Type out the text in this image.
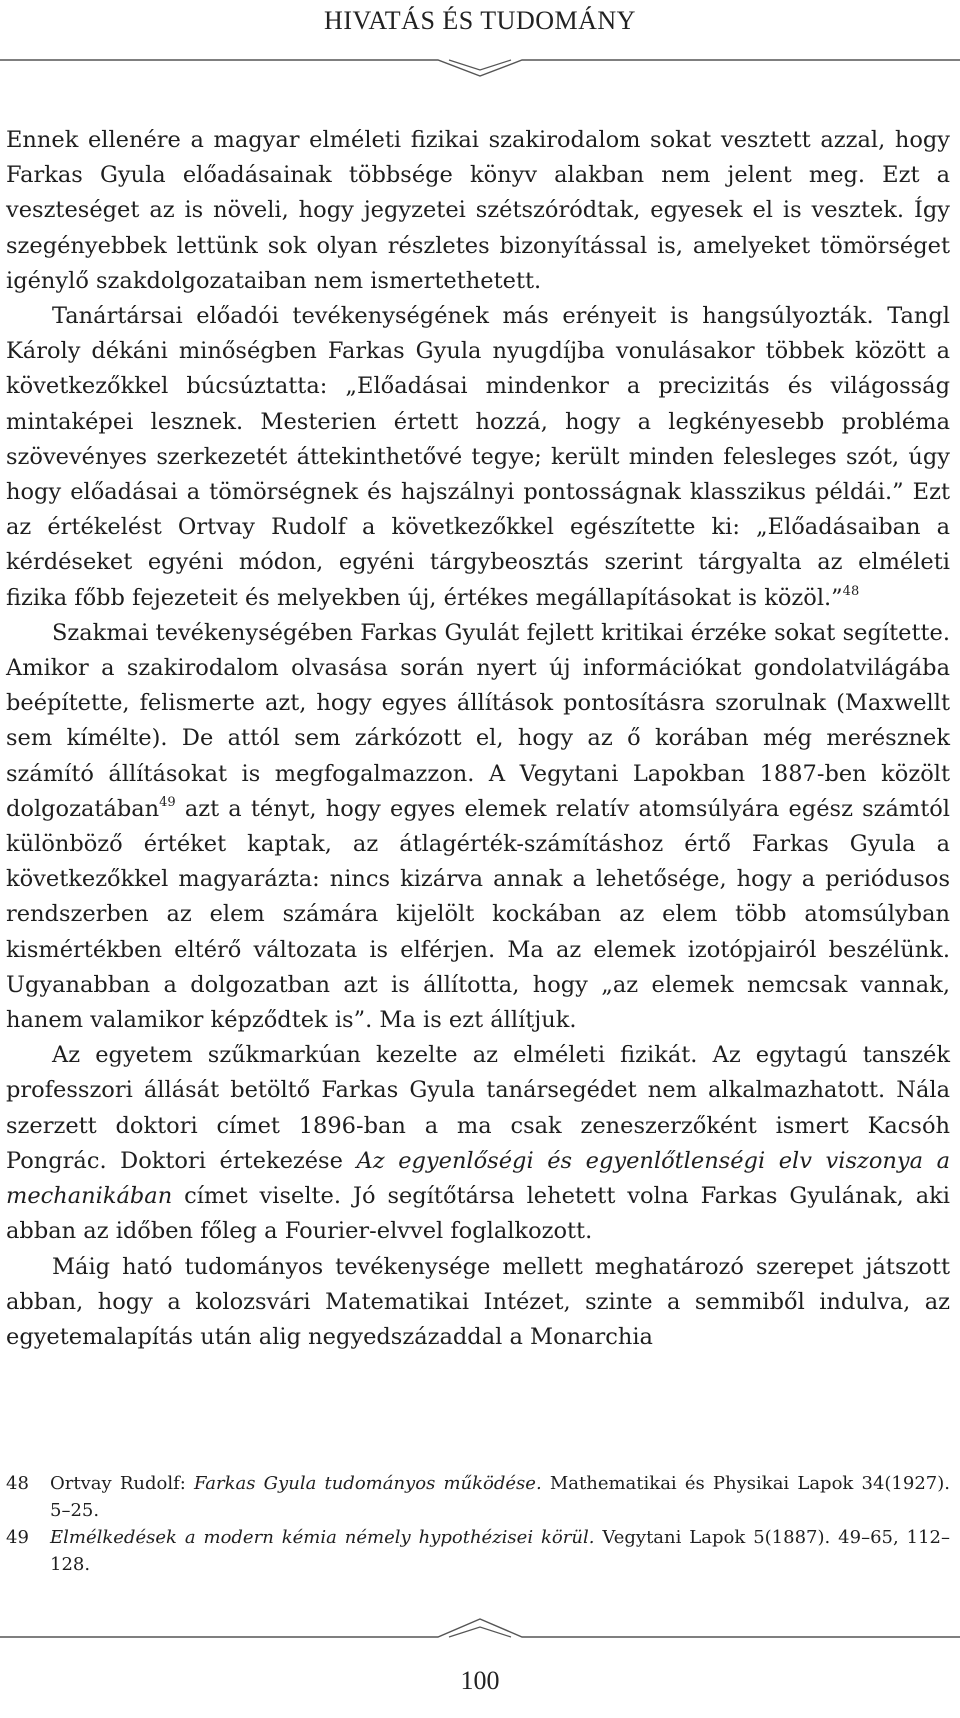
HIVATÁS ÉS TUDOMÁNY

Ennek ellenére a magyar elméleti fizikai szakirodalom sokat vesztett azzal, hogy Farkas Gyula előadásainak többsége könyv alakban nem jelent meg. Ezt a veszteséget az is növeli, hogy jegyzetei szétszóródtak, egyesek el is vesztek. Így szegényebbek lettünk sok olyan részletes bizonyítással is, amelyeket tömörséget igénylő szakdolgozataiban nem ismertethetett.

Tanártársai előadói tevékenységének más erényeit is hangsúlyozták. Tangl Károly dékáni minőségben Farkas Gyula nyugdíjba vonulásakor többek között a következőkkel búcsúztatta: „Előadásai mindenkor a precizitás és világosság mintaképei lesznek. Mesterien értett hozzá, hogy a legkényesebb probléma szövevényes szerkezetét áttekinthetővé tegye; került minden felesleges szót, úgy hogy előadásai a tömörségnek és hajszálnyi pontosságnak klasszikus példái.” Ezt az értékelést Ortvay Rudolf a következőkkel egészítette ki: „Előadásaiban a kérdéseket egyéni módon, egyéni tárgybeosztás szerint tárgyalta az elméleti fizika főbb fejezeteit és melyekben új, értékes megállapításokat is közöl.”$^{48}$

Szakmai tevékenységében Farkas Gyulát fejlett kritikai érzéke sokat segítette. Amikor a szakirodalom olvasása során nyert új információkat gondolatvilágába beépítette, felismerte azt, hogy egyes állítások pontosításra szorulnak (Maxwellt sem kímélte). De attól sem zárkózott el, hogy az ő korában még merésznek számító állításokat is megfogalmazzon. A Vegytani Lapokban 1887-ben közölt dolgozatában$^{49}$ azt a tényt, hogy egyes elemek relatív atomsúlyára egész számtól különböző értéket kaptak, az átlagérték-számításhoz értő Farkas Gyula a következőkkel magyarázta: nincs kizárva annak a lehetősége, hogy a periódusos rendszerben az elem számára kijelölt kockában az elem több atomsúlyban kismértékben eltérő változata is elférjen. Ma az elemek izotópjairól beszélünk. Ugyanabban a dolgozatban azt is állította, hogy „az elemek nemcsak vannak, hanem valamikor képződtek is”. Ma is ezt állítjuk.

Az egyetem szűkmarkúan kezelte az elméleti fizikát. Az egytagú tanszék professzori állását betöltő Farkas Gyula tanársegédet nem alkalmazhatott. Nála szerzett doktori címet 1896-ban a ma csak zeneszerzőként ismert Kacsóh Pongrác. Doktori értekezése Az egyenlőségi és egyenlőtlenségi elv viszonya a mechanikában címet viselte. Jó segítőtársa lehetett volna Farkas Gyulának, aki abban az időben főleg a Fourier-elvvel foglalkozott.

Máig ható tudományos tevékenysége mellett meghatározó szerepet játszott abban, hogy a kolozsvári Matematikai Intézet, szinte a semmiből indulva, az egyetemalapítás után alig negyedszázaddal a Monarchia

48	Ortvay Rudolf: Farkas Gyula tudományos működése. Mathematikai és Physikai Lapok 34(1927). 5–25.
49	Elmélkedések a modern kémia némely hypothézisei körül. Vegytani Lapok 5(1887). 49–65, 112–128.
100
